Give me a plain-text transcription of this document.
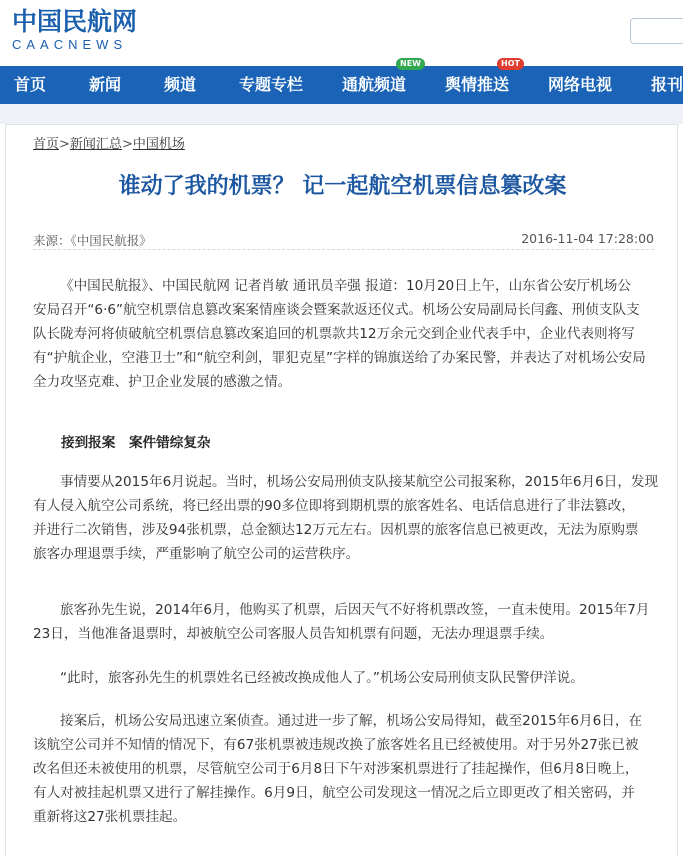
中国民航网
CAACNEWS
首页	新闻	频道	专题专栏 通航频道
NEW
舆情推送
HOT
网络电视 报刊
首页>新闻汇总>中国机场
谁动了我的机票？ 记一起航空机票信息篡改案
来源：《中国民航报》	2016-11-04 17:28:00
《中国民航报》、中国民航网 记者肖敏 通讯员辛强 报道：10月20日上午，山东省公安厅机场公
安局召开“6·6”航空机票信息篡改案案情座谈会暨案款返还仪式。机场公安局副局长闫鑫、刑侦支队支
队长陇寿河将侦破航空机票信息篡改案追回的机票款共12万余元交到企业代表手中，企业代表则将写
有“护航企业，空港卫士”和“航空利剑，罪犯克星”字样的锦旗送给了办案民警，并表达了对机场公安局
全力攻坚克难、护卫企业发展的感激之情。
接到报案　案件错综复杂
事情要从2015年6月说起。当时，机场公安局刑侦支队接某航空公司报案称，2015年6月6日，发现
有人侵入航空公司系统，将已经出票的90多位即将到期机票的旅客姓名、电话信息进行了非法篡改，
并进行二次销售，涉及94张机票，总金额达12万元左右。因机票的旅客信息已被更改，无法为原购票
旅客办理退票手续，严重影响了航空公司的运营秩序。
旅客孙先生说，2014年6月，他购买了机票，后因天气不好将机票改签，一直未使用。2015年7月
23日，当他准备退票时，却被航空公司客服人员告知机票有问题，无法办理退票手续。
“此时，旅客孙先生的机票姓名已经被改换成他人了。”机场公安局刑侦支队民警伊洋说。
接案后，机场公安局迅速立案侦查。通过进一步了解，机场公安局得知，截至2015年6月6日，在
该航空公司并不知情的情况下，有67张机票被违规改换了旅客姓名且已经被使用。对于另外27张已被
改名但还未被使用的机票，尽管航空公司于6月8日下午对涉案机票进行了挂起操作，但6月8日晚上，
有人对被挂起机票又进行了解挂操作。6月9日，航空公司发现这一情况之后立即更改了相关密码，并
重新将这27张机票挂起。
